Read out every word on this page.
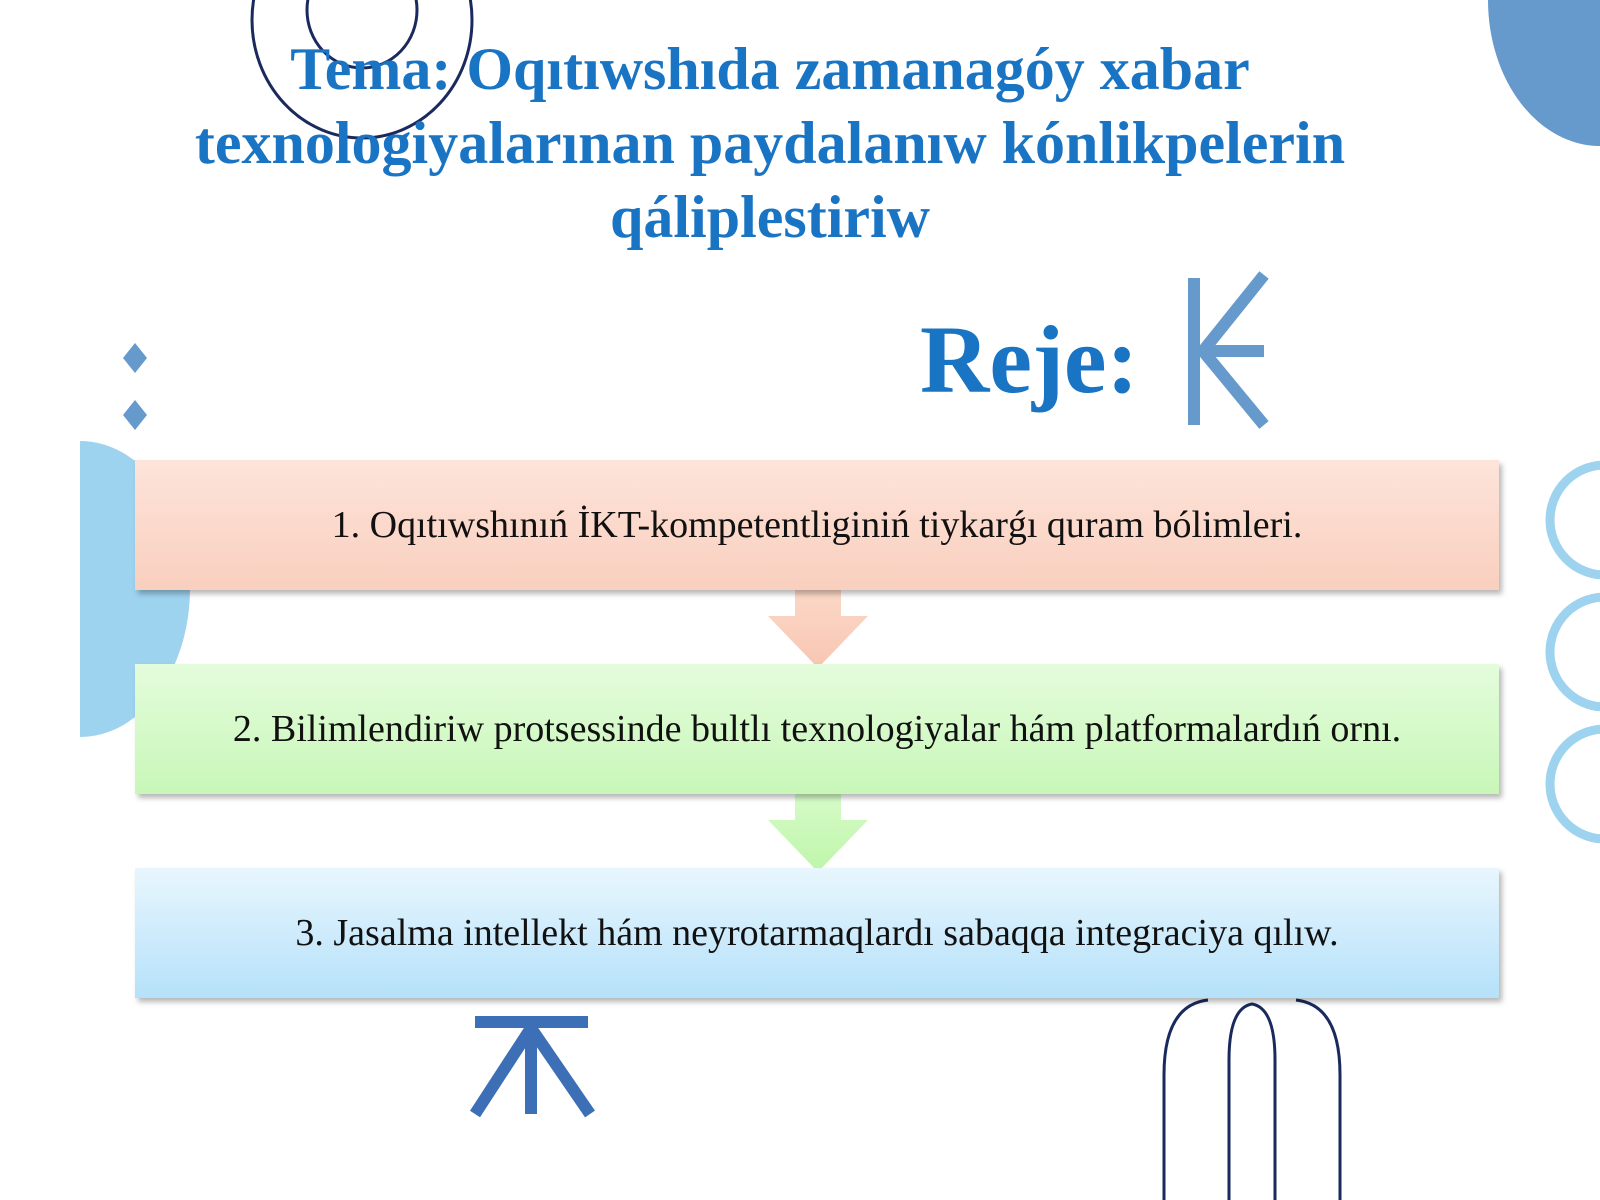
Tema: Oqıtıwshıda zamanagóy xabar texnologiyalarınan paydalanıw kónlikpelerin qáliplestiriw
Reje:
1. Oqıtıwshınıń İKT-kompetentliginiń tiykarǵı quram bólimleri.
2. Bilimlendiriw protsessinde bultlı texnologiyalar hám platformalardıń ornı.
3. Jasalma intellekt hám neyrotarmaqlardı sabaqqa integraciya qılıw.
